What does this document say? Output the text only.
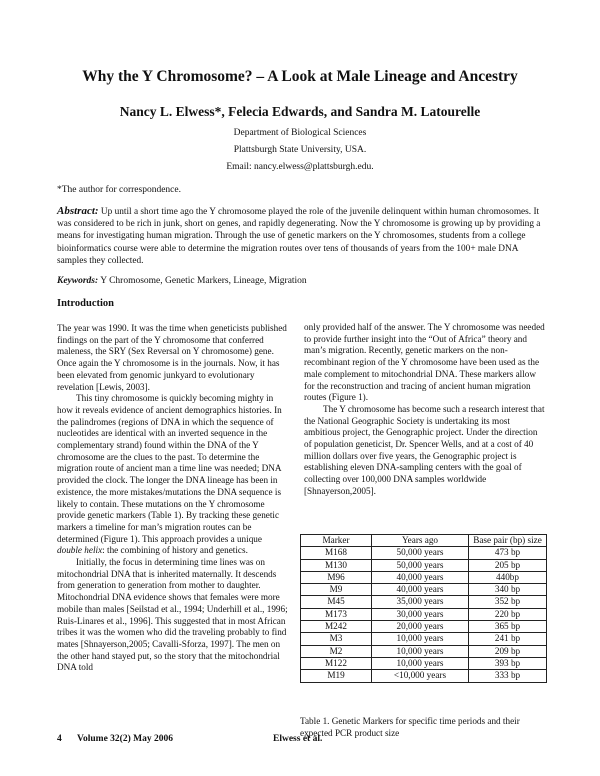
Why the Y Chromosome? – A Look at Male Lineage and Ancestry
Nancy L. Elwess*, Felecia Edwards, and Sandra M. Latourelle
Department of Biological Sciences
Plattsburgh State University, USA.
Email: nancy.elwess@plattsburgh.edu.
*The author for correspondence.
Abstract: Up until a short time ago the Y chromosome played the role of the juvenile delinquent within human chromosomes. It was considered to be rich in junk, short on genes, and rapidly degenerating. Now the Y chromosome is growing up by providing a means for investigating human migration. Through the use of genetic markers on the Y chromosomes, students from a college bioinformatics course were able to determine the migration routes over tens of thousands of years from the 100+ male DNA samples they collected.
Keywords: Y Chromosome, Genetic Markers, Lineage, Migration
Introduction

The year was 1990. It was the time when geneticists published findings on the part of the Y chromosome that conferred maleness, the SRY (Sex Reversal on Y chromosome) gene. Once again the Y chromosome is in the journals. Now, it has been elevated from genomic junkyard to evolutionary revelation [Lewis, 2003].

This tiny chromosome is quickly becoming mighty in how it reveals evidence of ancient demographics histories. In the palindromes (regions of DNA in which the sequence of nucleotides are identical with an inverted sequence in the complementary strand) found within the DNA of the Y chromosome are the clues to the past. To determine the migration route of ancient man a time line was needed; DNA provided the clock. The longer the DNA lineage has been in existence, the more mistakes/mutations the DNA sequence is likely to contain. These mutations on the Y chromosome provide genetic markers (Table 1). By tracking these genetic markers a timeline for man’s migration routes can be determined (Figure 1). This approach provides a unique double helix: the combining of history and genetics.

Initially, the focus in determining time lines was on mitochondrial DNA that is inherited maternally. It descends from generation to generation from mother to daughter. Mitochondrial DNA evidence shows that females were more mobile than males [Seilstad et al., 1994; Underhill et al., 1996; Ruis-Linares et al., 1996]. This suggested that in most African tribes it was the women who did the traveling probably to find mates [Shnayerson,2005; Cavalli-Sforza, 1997]. The men on the other hand stayed put, so the story that the mitochondrial DNA told

only provided half of the answer. The Y chromosome was needed to provide further insight into the “Out of Africa” theory and man’s migration. Recently, genetic markers on the non-recombinant region of the Y chromosome have been used as the male complement to mitochondrial DNA. These markers allow for the reconstruction and tracing of ancient human migration routes (Figure 1).

The Y chromosome has become such a research interest that the National Geographic Society is undertaking its most ambitious project, the Genographic project. Under the direction of population geneticist, Dr. Spencer Wells, and at a cost of 40 million dollars over five years, the Genographic project is establishing eleven DNA-sampling centers with the goal of collecting over 100,000 DNA samples worldwide [Shnayerson,2005].

Marker	Years ago	Base pair (bp) size
M168	50,000 years	473 bp
M130	50,000 years	205 bp
M96	40,000 years	440bp
M9	40,000 years	340 bp
M45	35,000 years	352 bp
M173	30,000 years	220 bp
M242	20,000 years	365 bp
M3	10,000 years	241 bp
M2	10,000 years	209 bp
M122	10,000 years	393 bp
M19	<10,000 years	333 bp
Table 1. Genetic Markers for specific time periods and their expected PCR product size
4 Volume 32(2) May 2006	Elwess et al.
